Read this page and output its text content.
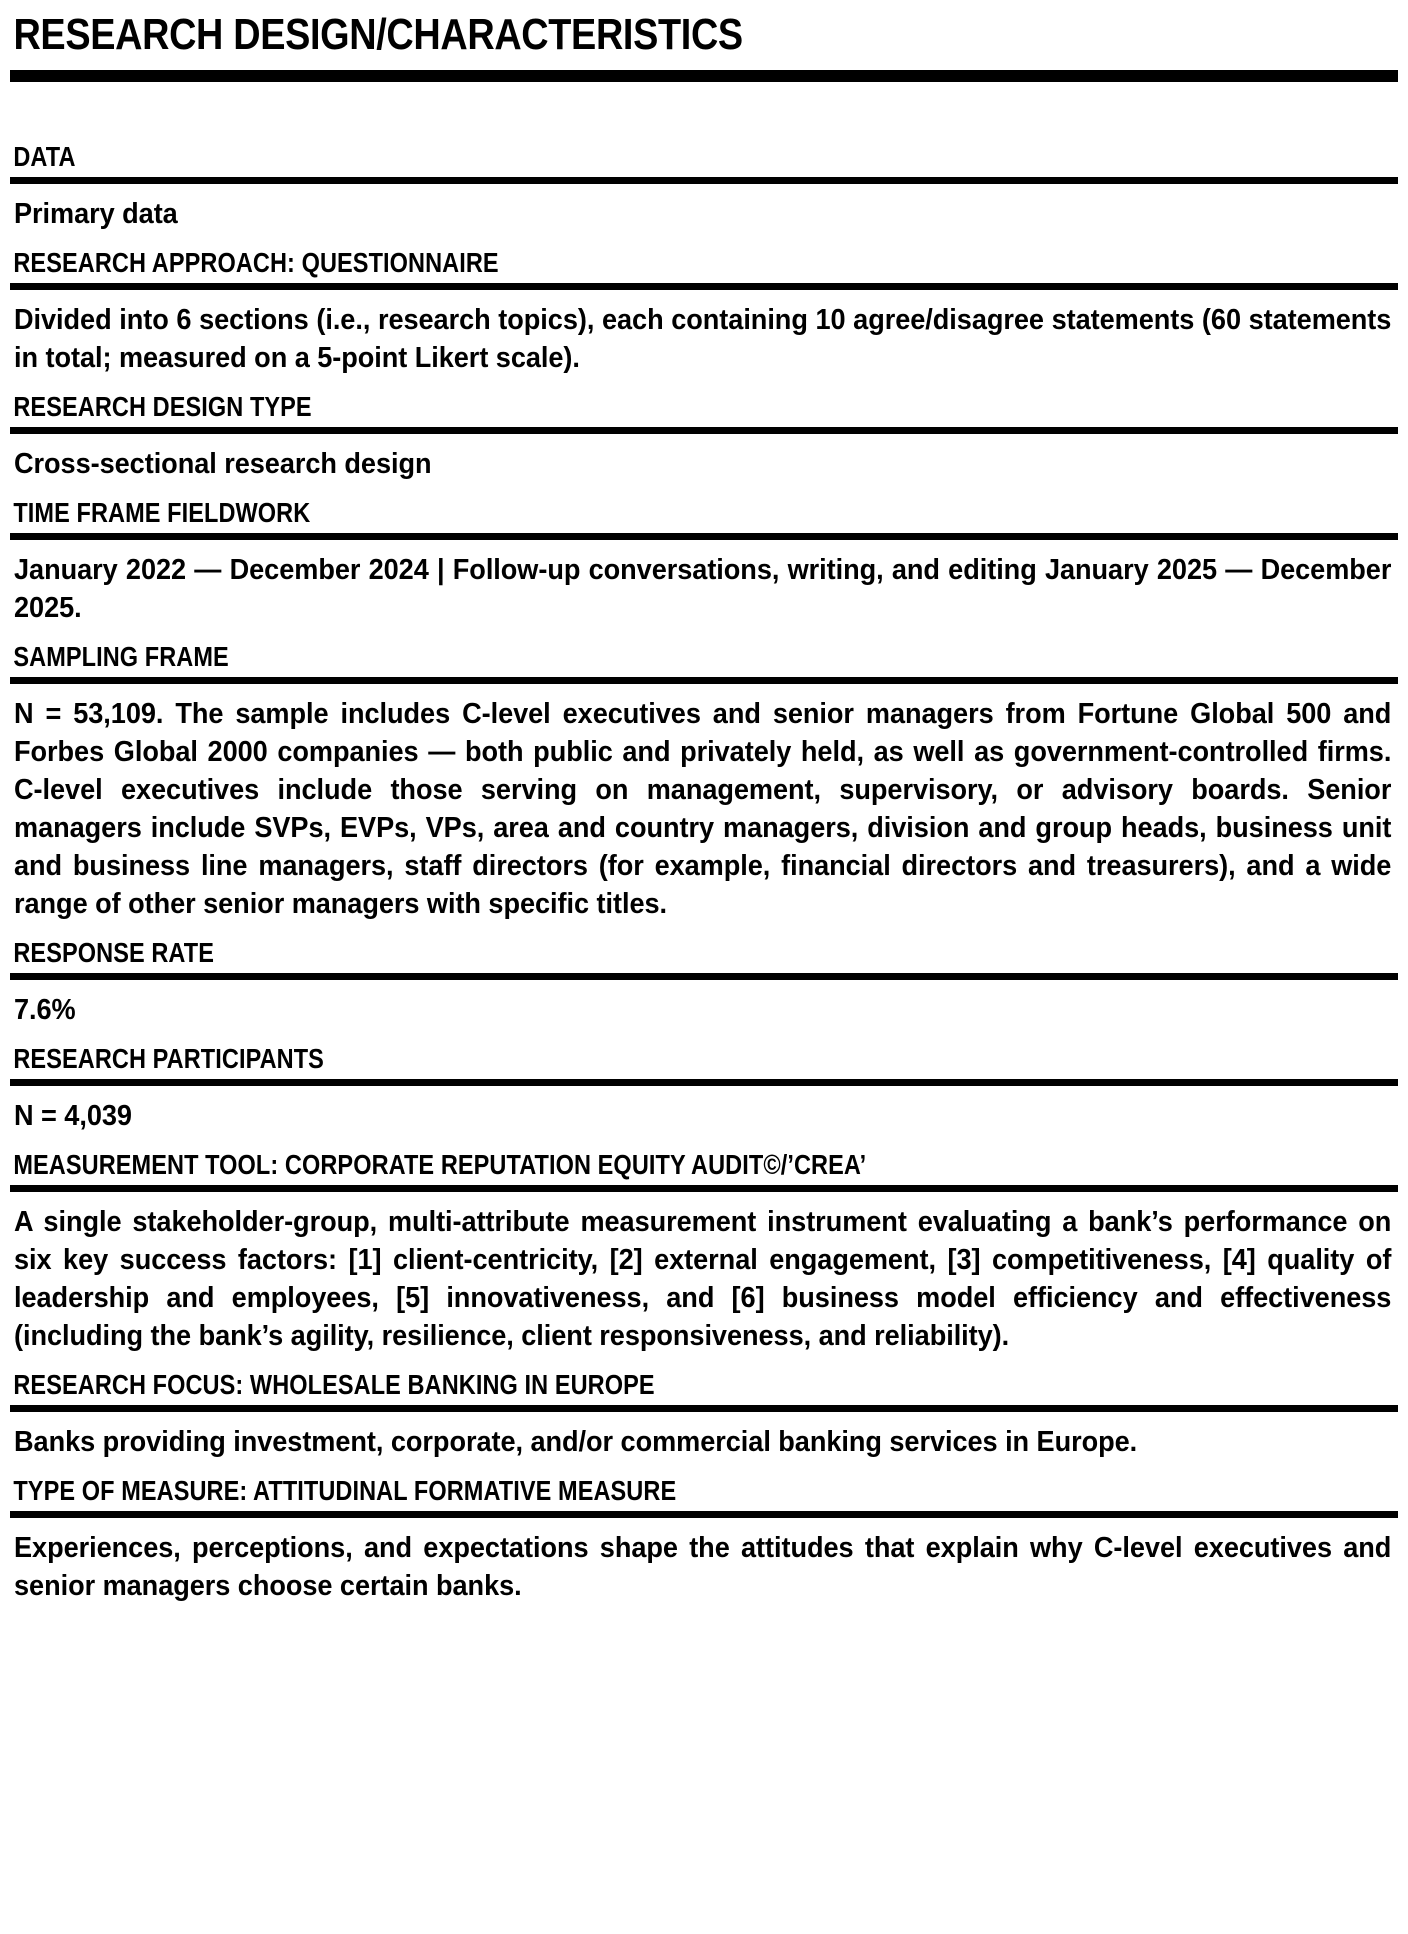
RESEARCH DESIGN/CHARACTERISTICS
DATA
Primary data
RESEARCH APPROACH: QUESTIONNAIRE
Divided into 6 sections (i.e., research topics), each containing 10 agree/disagree statements (60 statements in total; measured on a 5-point Likert scale).
RESEARCH DESIGN TYPE
Cross-sectional research design
TIME FRAME FIELDWORK
January 2022 — December 2024 | Follow-up conversations, writing, and editing January 2025 — December 2025.
SAMPLING FRAME
N = 53,109. The sample includes C-level executives and senior managers from Fortune Global 500 and Forbes Global 2000 companies — both public and privately held, as well as government-controlled firms. C-level executives include those serving on management, supervisory, or advisory boards. Senior managers include SVPs, EVPs, VPs, area and country managers, division and group heads, business unit and business line managers, staff directors (for example, financial directors and treasurers), and a wide range of other senior managers with specific titles.
RESPONSE RATE
7.6%
RESEARCH PARTICIPANTS
N = 4,039
MEASUREMENT TOOL: CORPORATE REPUTATION EQUITY AUDIT©/’CREA’
A single stakeholder-group, multi-attribute measurement instrument evaluating a bank’s performance on six key success factors: [1] client-centricity, [2] external engagement, [3] competitiveness, [4] quality of leadership and employees, [5] innovativeness, and [6] business model efficiency and effectiveness (including the bank’s agility, resilience, client responsiveness, and reliability).
RESEARCH FOCUS: WHOLESALE BANKING IN EUROPE
Banks providing investment, corporate, and/or commercial banking services in Europe.
TYPE OF MEASURE: ATTITUDINAL FORMATIVE MEASURE
Experiences, perceptions, and expectations shape the attitudes that explain why C-level executives and senior managers choose certain banks.
